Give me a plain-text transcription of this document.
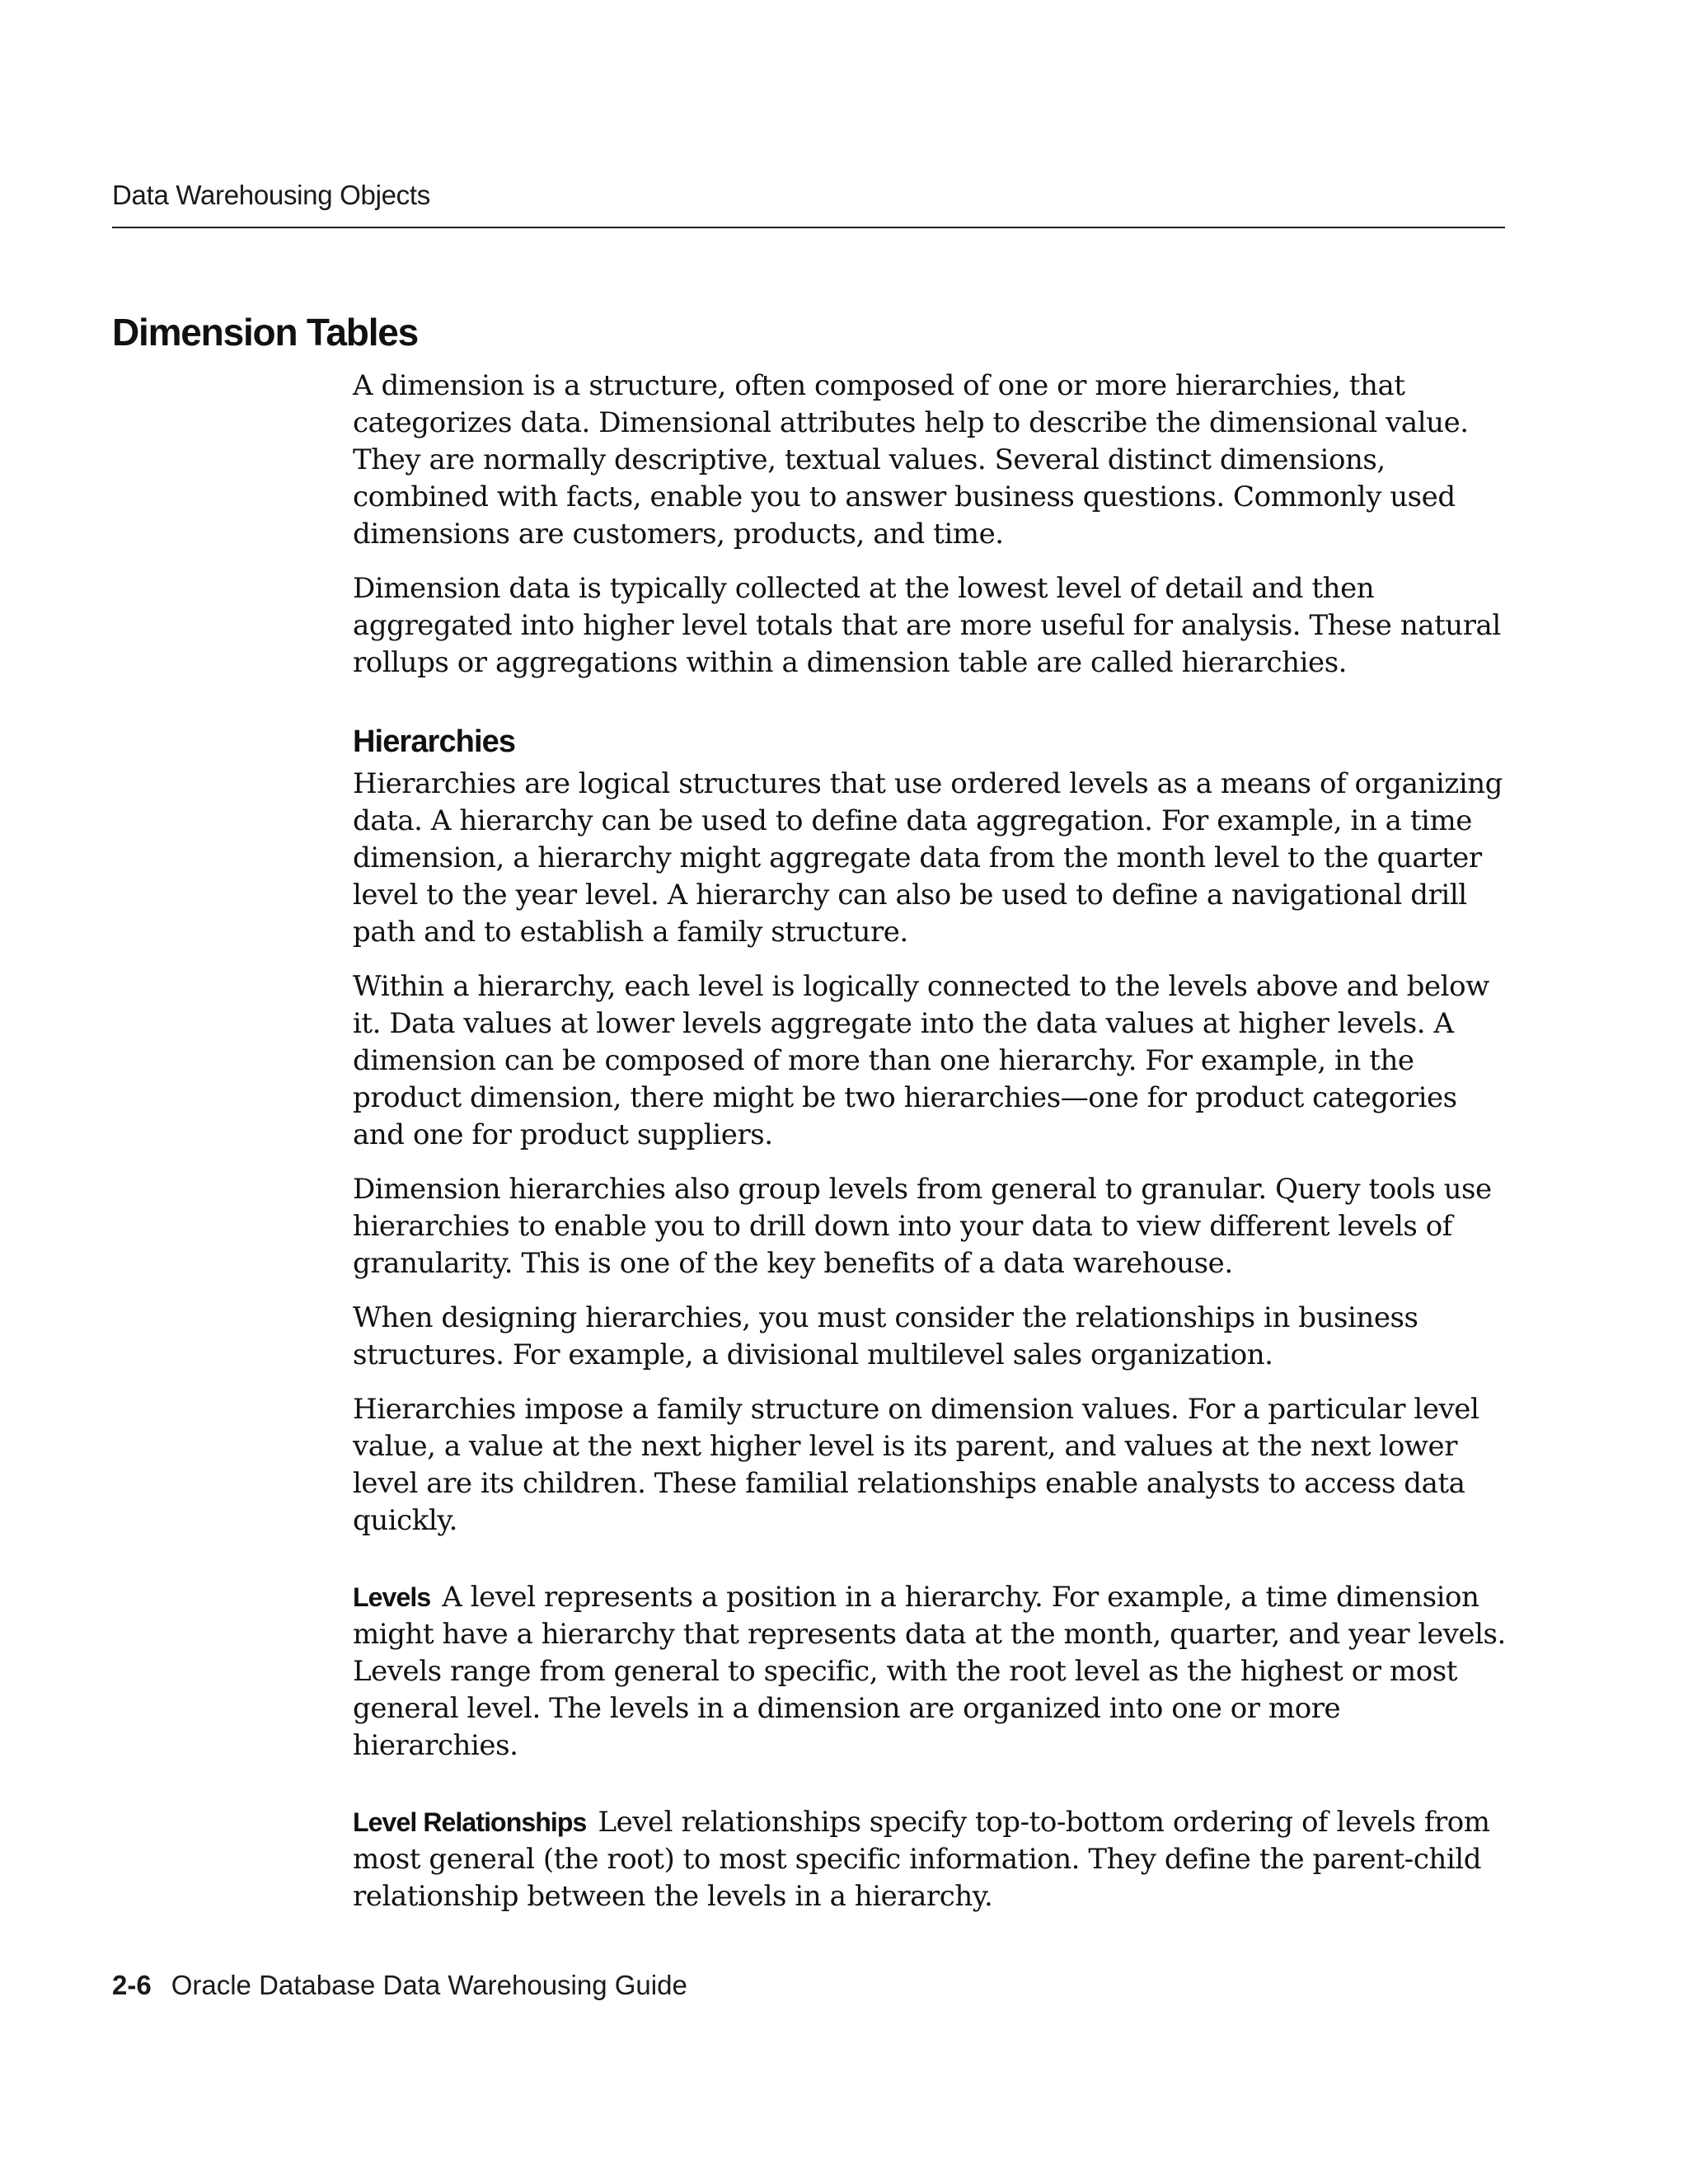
Data Warehousing Objects
Dimension Tables

A dimension is a structure, often composed of one or more hierarchies, that categorizes data. Dimensional attributes help to describe the dimensional value. They are normally descriptive, textual values. Several distinct dimensions, combined with facts, enable you to answer business questions. Commonly used dimensions are customers, products, and time.

Dimension data is typically collected at the lowest level of detail and then aggregated into higher level totals that are more useful for analysis. These natural rollups or aggregations within a dimension table are called hierarchies.

Hierarchies

Hierarchies are logical structures that use ordered levels as a means of organizing data. A hierarchy can be used to define data aggregation. For example, in a time dimension, a hierarchy might aggregate data from the month level to the quarter level to the year level. A hierarchy can also be used to define a navigational drill path and to establish a family structure.

Within a hierarchy, each level is logically connected to the levels above and below it. Data values at lower levels aggregate into the data values at higher levels. A dimension can be composed of more than one hierarchy. For example, in the product dimension, there might be two hierarchies—one for product categories and one for product suppliers.

Dimension hierarchies also group levels from general to granular. Query tools use hierarchies to enable you to drill down into your data to view different levels of granularity. This is one of the key benefits of a data warehouse.

When designing hierarchies, you must consider the relationships in business structures. For example, a divisional multilevel sales organization.

Hierarchies impose a family structure on dimension values. For a particular level value, a value at the next higher level is its parent, and values at the next lower level are its children. These familial relationships enable analysts to access data quickly.

Levels A level represents a position in a hierarchy. For example, a time dimension might have a hierarchy that represents data at the month, quarter, and year levels. Levels range from general to specific, with the root level as the highest or most general level. The levels in a dimension are organized into one or more hierarchies.

Level Relationships Level relationships specify top-to-bottom ordering of levels from most general (the root) to most specific information. They define the parent-child relationship between the levels in a hierarchy.

2-6 Oracle Database Data Warehousing Guide
